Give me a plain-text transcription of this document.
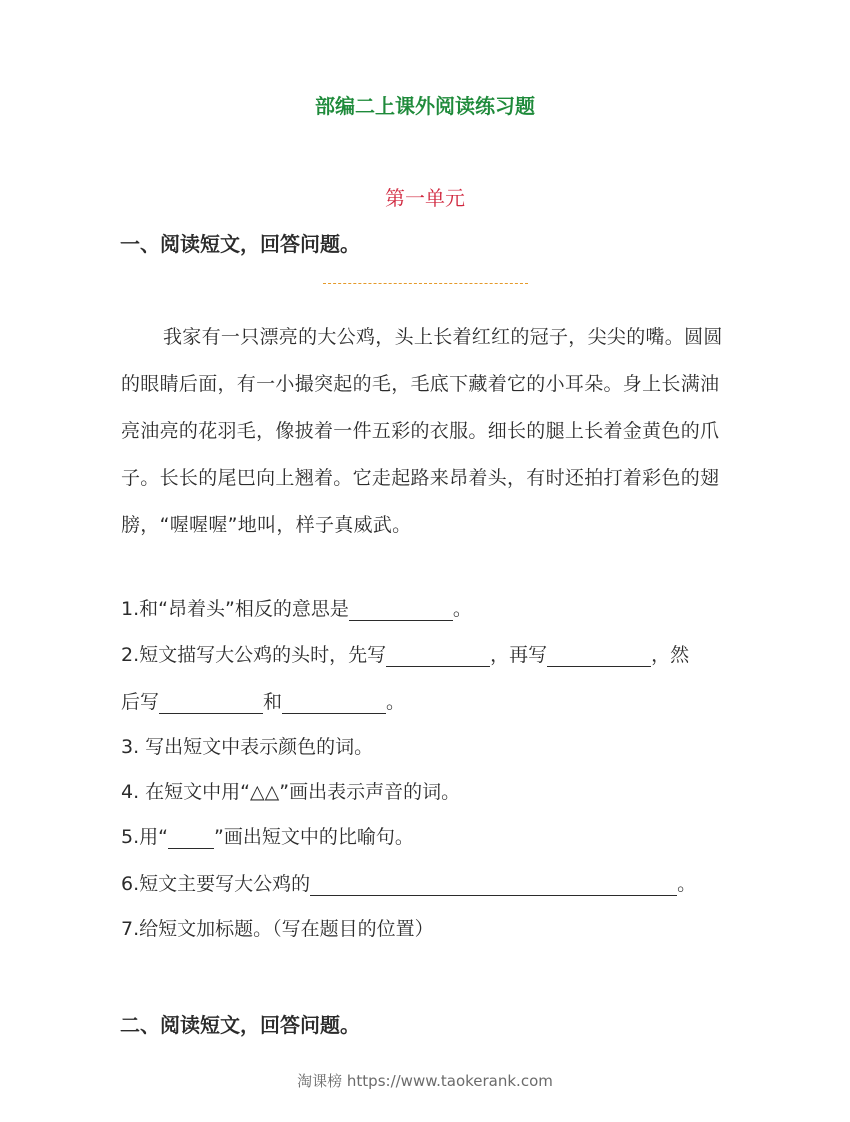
部编二上课外阅读练习题
第一单元
一、阅读短文，回答问题。
我家有一只漂亮的大公鸡，头上长着红红的冠子，尖尖的嘴。圆圆的眼睛后面，有一小撮突起的毛，毛底下藏着它的小耳朵。身上长满油亮油亮的花羽毛，像披着一件五彩的衣服。细长的腿上长着金黄色的爪子。长长的尾巴向上翘着。它走起路来昂着头，有时还拍打着彩色的翅膀，“喔喔喔”地叫，样子真威武。
1.和“昂着头”相反的意思是	。
2.短文描写大公鸡的头时，先写	，再写	，然
后写	和	。
3. 写出短文中表示颜色的词。
4. 在短文中用“△△”画出表示声音的词。
5.用“ ”画出短文中的比喻句。
6.短文主要写大公鸡的	。
7.给短文加标题。（写在题目的位置）
二、阅读短文，回答问题。
淘课榜 https://www.taokerank.com
